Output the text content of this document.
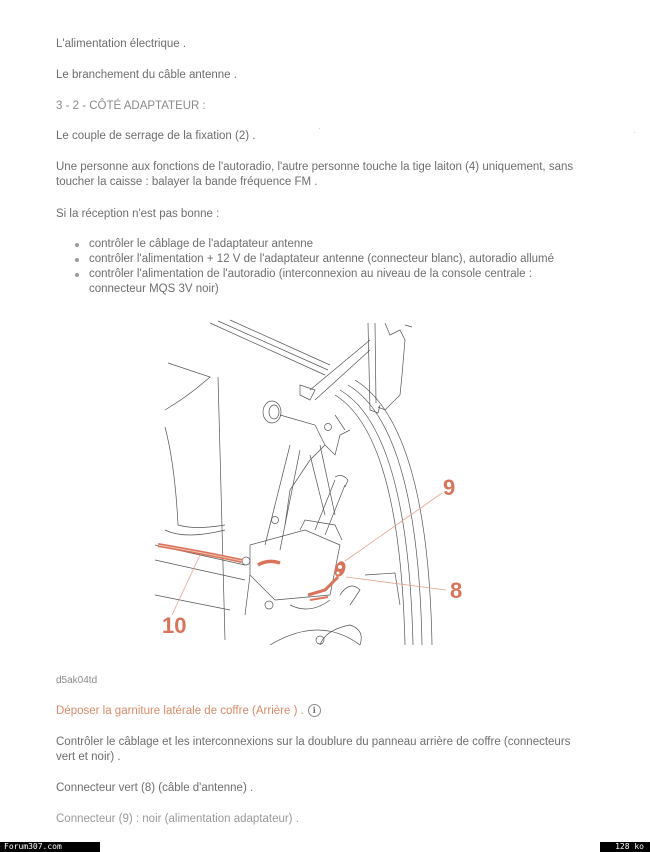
L'alimentation électrique .

Le branchement du câble antenne .

3 - 2 - CÔTÉ ADAPTATEUR :

Le couple de serrage de la fixation (2) .

Une personne aux fonctions de l'autoradio, l'autre personne touche la tige laiton (4) uniquement, sans toucher la caisse : balayer la bande fréquence FM .

Si la réception n'est pas bonne :

contrôler le câblage de l'adaptateur antenne
contrôler l'alimentation + 12 V de l'adaptateur antenne (connecteur blanc), autoradio allumé
contrôler l'alimentation de l'autoradio (interconnexion au niveau de la console centrale : connecteur MQS 3V noir)
9
8
10
d5ak04td

Déposer la garniture latérale de coffre (Arrière ) . i

Contrôler le câblage et les interconnexions sur la doublure du panneau arrière de coffre (connecteurs vert et noir) .

Connecteur vert (8) (câble d'antenne) .

Connecteur (9) : noir (alimentation adaptateur) .

·	·
Forum307.com	128 ko
